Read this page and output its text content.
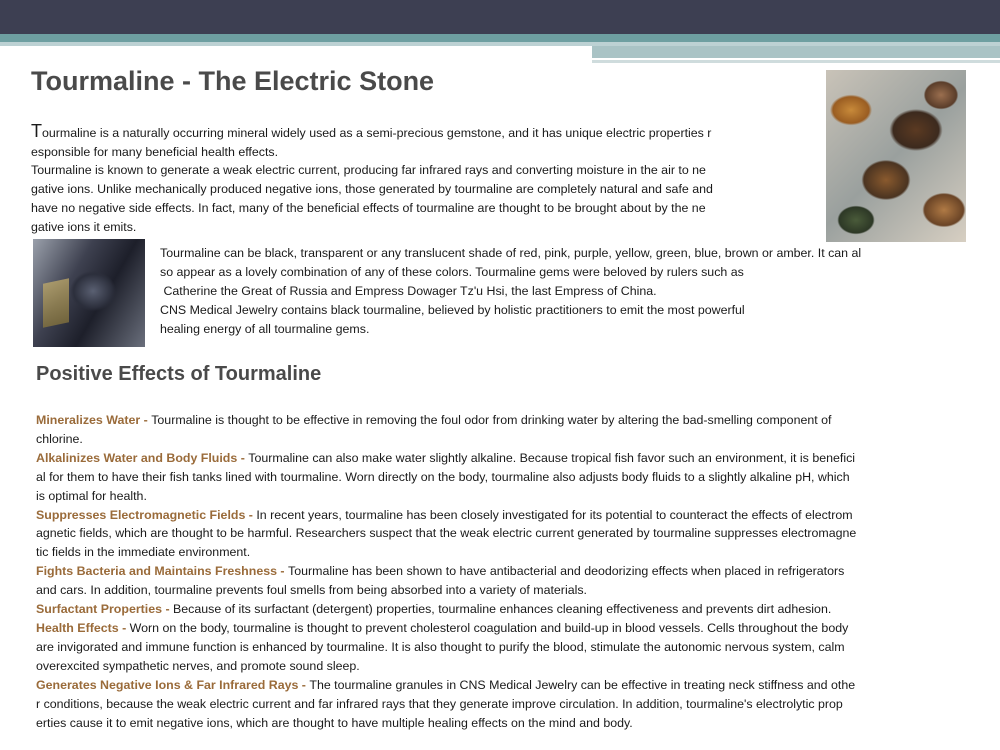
Tourmaline - The Electric Stone

Tourmaline is a naturally occurring mineral widely used as a semi-precious gemstone, and it has unique electric properties r

esponsible for many beneficial health effects.

Tourmaline is known to generate a weak electric current, producing far infrared rays and converting moisture in the air to ne

gative ions. Unlike mechanically produced negative ions, those generated by tourmaline are completely natural and safe and

have no negative side effects. In fact, many of the beneficial effects of tourmaline are thought to be brought about by the ne

gative ions it emits.

Tourmaline can be black, transparent or any translucent shade of red, pink, purple, yellow, green, blue, brown or amber. It can al

so appear as a lovely combination of any of these colors. Tourmaline gems were beloved by rulers such as

Catherine the Great of Russia and Empress Dowager Tz'u Hsi, the last Empress of China.

CNS Medical Jewelry contains black tourmaline, believed by holistic practitioners to emit the most powerful

healing energy of all tourmaline gems.

Positive Effects of Tourmaline

Mineralizes Water - Tourmaline is thought to be effective in removing the foul odor from drinking water by altering the bad-smelling component of

chlorine.

Alkalinizes Water and Body Fluids - Tourmaline can also make water slightly alkaline. Because tropical fish favor such an environment, it is benefici

al for them to have their fish tanks lined with tourmaline. Worn directly on the body, tourmaline also adjusts body fluids to a slightly alkaline pH, which

is optimal for health.

Suppresses Electromagnetic Fields - In recent years, tourmaline has been closely investigated for its potential to counteract the effects of electrom

agnetic fields, which are thought to be harmful. Researchers suspect that the weak electric current generated by tourmaline suppresses electromagne

tic fields in the immediate environment.

Fights Bacteria and Maintains Freshness - Tourmaline has been shown to have antibacterial and deodorizing effects when placed in refrigerators

and cars. In addition, tourmaline prevents foul smells from being absorbed into a variety of materials.

Surfactant Properties - Because of its surfactant (detergent) properties, tourmaline enhances cleaning effectiveness and prevents dirt adhesion.

Health Effects - Worn on the body, tourmaline is thought to prevent cholesterol coagulation and build-up in blood vessels. Cells throughout the body

are invigorated and immune function is enhanced by tourmaline. It is also thought to purify the blood, stimulate the autonomic nervous system, calm

overexcited sympathetic nerves, and promote sound sleep.

Generates Negative Ions & Far Infrared Rays - The tourmaline granules in CNS Medical Jewelry can be effective in treating neck stiffness and othe

r conditions, because the weak electric current and far infrared rays that they generate improve circulation. In addition, tourmaline's electrolytic prop

erties cause it to emit negative ions, which are thought to have multiple healing effects on the mind and body.
